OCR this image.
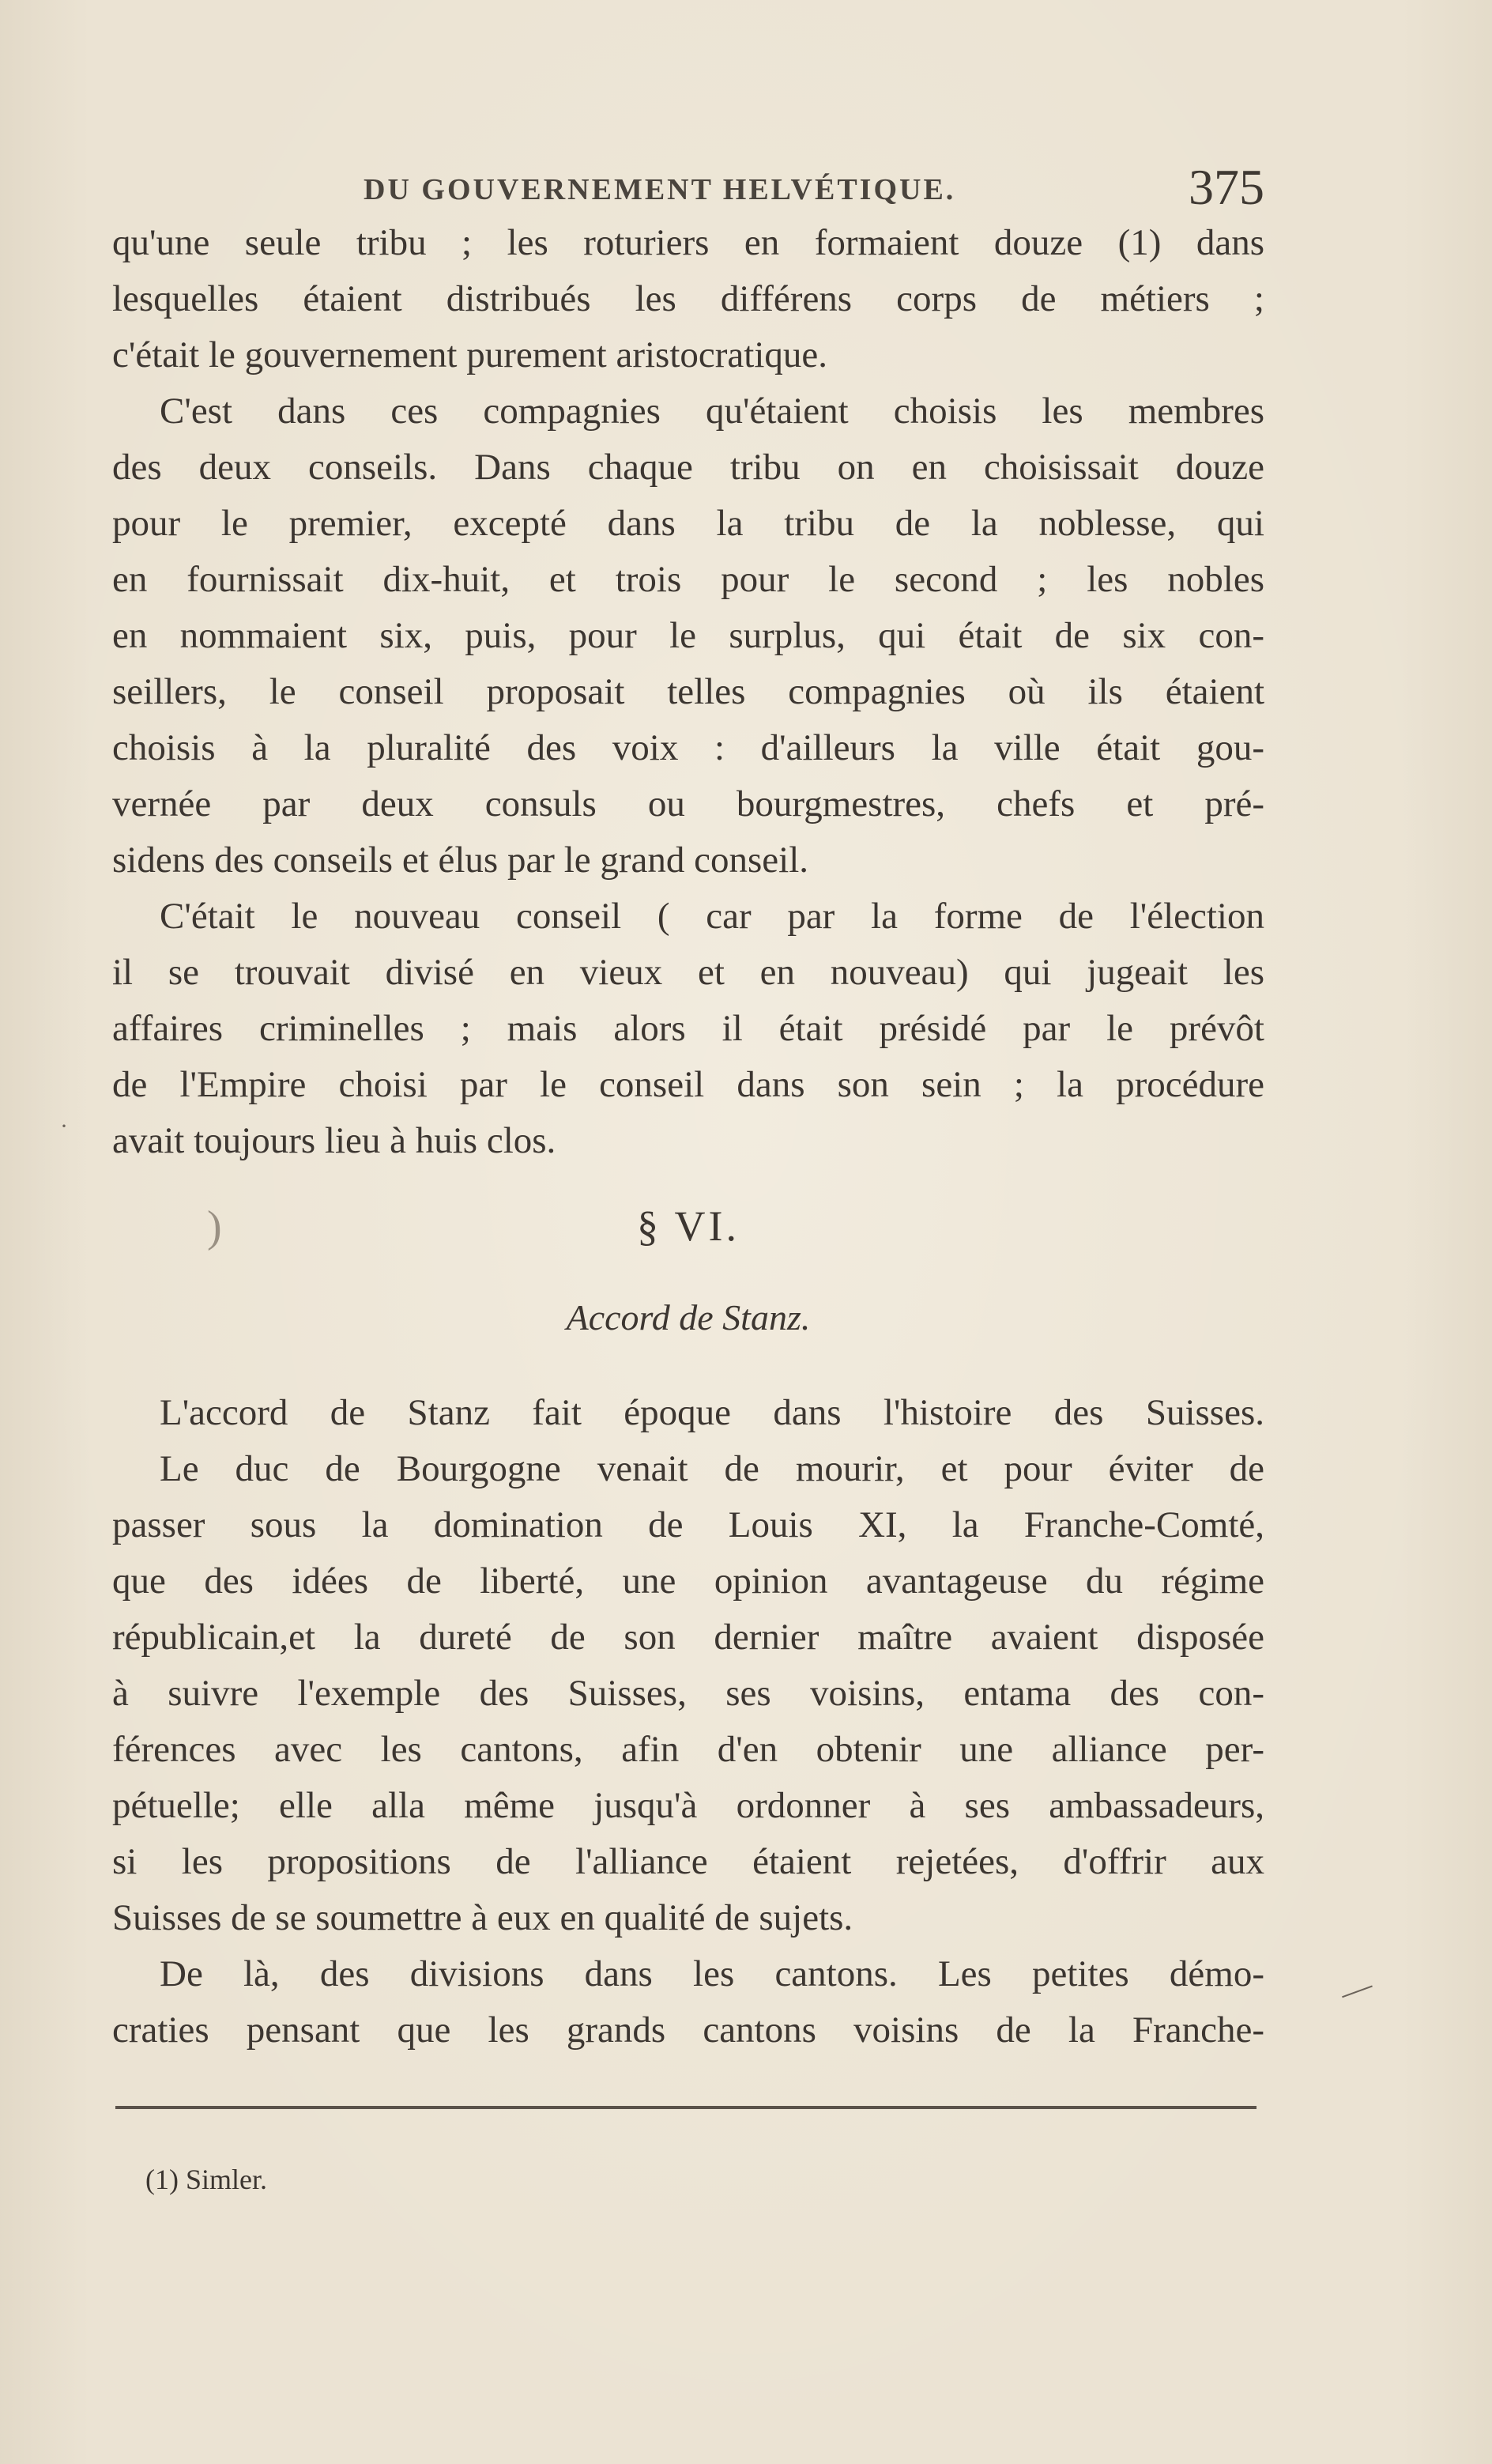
DU GOUVERNEMENT HELVÉTIQUE.	375
qu'une seule tribu ; les roturiers en formaient douze (1) dans
lesquelles étaient distribués les différens corps de métiers ;
c'était le gouvernement purement aristocratique.
C'est dans ces compagnies qu'étaient choisis les membres
des deux conseils. Dans chaque tribu on en choisissait douze
pour le premier, excepté dans la tribu de la noblesse, qui
en fournissait dix-huit, et trois pour le second ; les nobles
en nommaient six, puis, pour le surplus, qui était de six con-
seillers, le conseil proposait telles compagnies où ils étaient
choisis à la pluralité des voix : d'ailleurs la ville était gou-
vernée par deux consuls ou bourgmestres, chefs et pré-
sidens des conseils et élus par le grand conseil.
C'était le nouveau conseil ( car par la forme de l'élection
il se trouvait divisé en vieux et en nouveau) qui jugeait les
affaires criminelles ; mais alors il était présidé par le prévôt
de l'Empire choisi par le conseil dans son sein ; la procédure
avait toujours lieu à huis clos.
§ VI.
Accord de Stanz.
L'accord de Stanz fait époque dans l'histoire des Suisses.
Le duc de Bourgogne venait de mourir, et pour éviter de
passer sous la domination de Louis XI, la Franche-Comté,
que des idées de liberté, une opinion avantageuse du régime
républicain,et la dureté de son dernier maître avaient disposée
à suivre l'exemple des Suisses, ses voisins, entama des con-
férences avec les cantons, afin d'en obtenir une alliance per-
pétuelle; elle alla même jusqu'à ordonner à ses ambassadeurs,
si les propositions de l'alliance étaient rejetées, d'offrir aux
Suisses de se soumettre à eux en qualité de sujets.
De là, des divisions dans les cantons. Les petites démo-
craties pensant que les grands cantons voisins de la Franche-
(1) Simler.
·
)
—
